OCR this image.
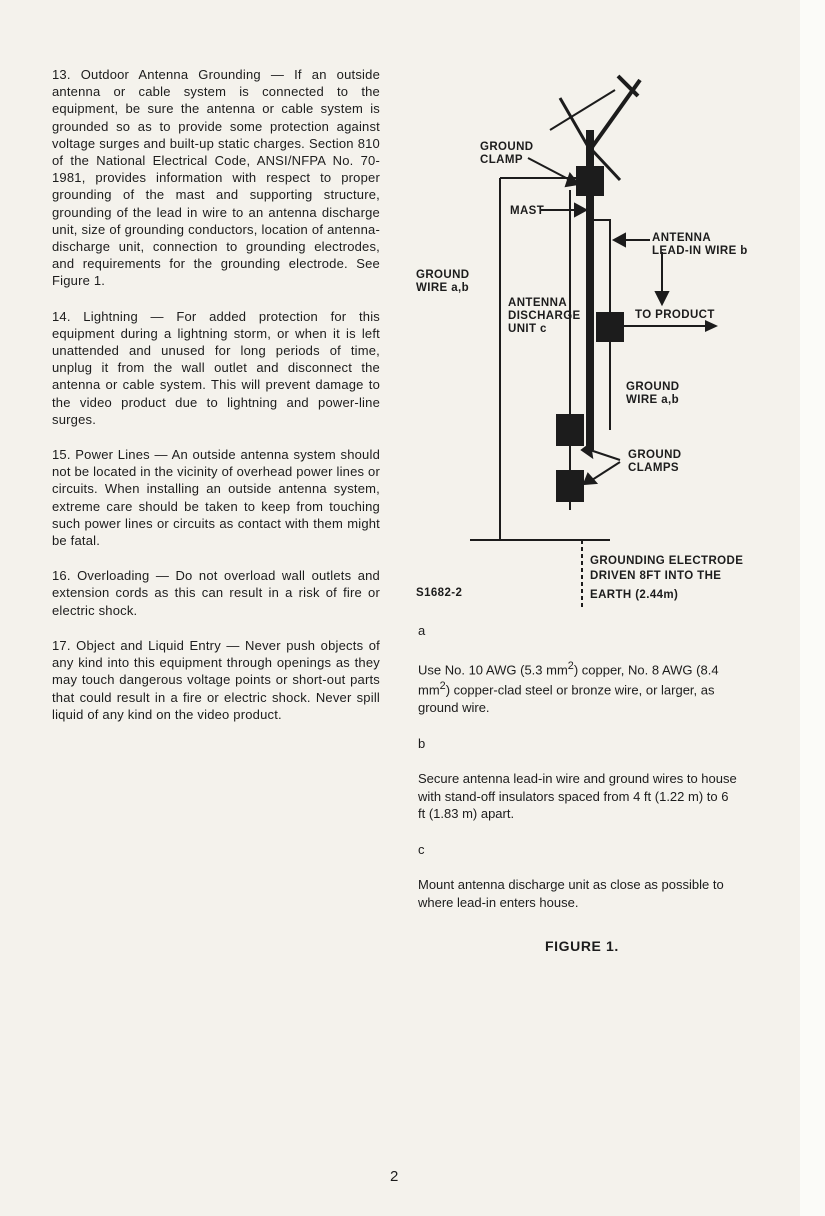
13. Outdoor Antenna Grounding — If an outside antenna or cable system is connected to the equipment, be sure the antenna or cable system is grounded so as to provide some protection against voltage surges and built-up static charges. Section 810 of the National Electrical Code, ANSI/NFPA No. 70-1981, provides information with respect to proper grounding of the mast and supporting structure, grounding of the lead in wire to an antenna discharge unit, size of grounding conductors, location of antenna-discharge unit, connection to grounding electrodes, and requirements for the grounding electrode. See Figure 1.

14. Lightning — For added protection for this equipment during a lightning storm, or when it is left unattended and unused for long periods of time, unplug it from the wall outlet and disconnect the antenna or cable system. This will prevent damage to the video product due to lightning and power-line surges.

15. Power Lines — An outside antenna system should not be located in the vicinity of overhead power lines or circuits. When installing an outside antenna system, extreme care should be taken to keep from touching such power lines or circuits as contact with them might be fatal.

16. Overloading — Do not overload wall outlets and extension cords as this can result in a risk of fire or electric shock.

17. Object and Liquid Entry — Never push objects of any kind into this equipment through openings as they may touch dangerous voltage points or short-out parts that could result in a fire or electric shock. Never spill liquid of any kind on the video product.

GROUND
CLAMP
MAST
ANTENNA
LEAD-IN WIRE b
GROUND
WIRE a,b
ANTENNA
DISCHARGE
UNIT c
TO PRODUCT
GROUND
WIRE a,b
GROUND
CLAMPS
GROUNDING ELECTRODE
DRIVEN 8FT INTO THE
EARTH (2.44m)
S1682-2
a
Use No. 10 AWG (5.3 $mm^2$) copper, No. 8 AWG (8.4 $mm^2$) copper-clad steel or bronze wire, or larger, as ground wire.
b
Secure antenna lead-in wire and ground wires to house with stand-off insulators spaced from 4 ft (1.22 m) to 6 ft (1.83 m) apart.
c
Mount antenna discharge unit as close as possible to where lead-in enters house.
FIGURE 1.
2
